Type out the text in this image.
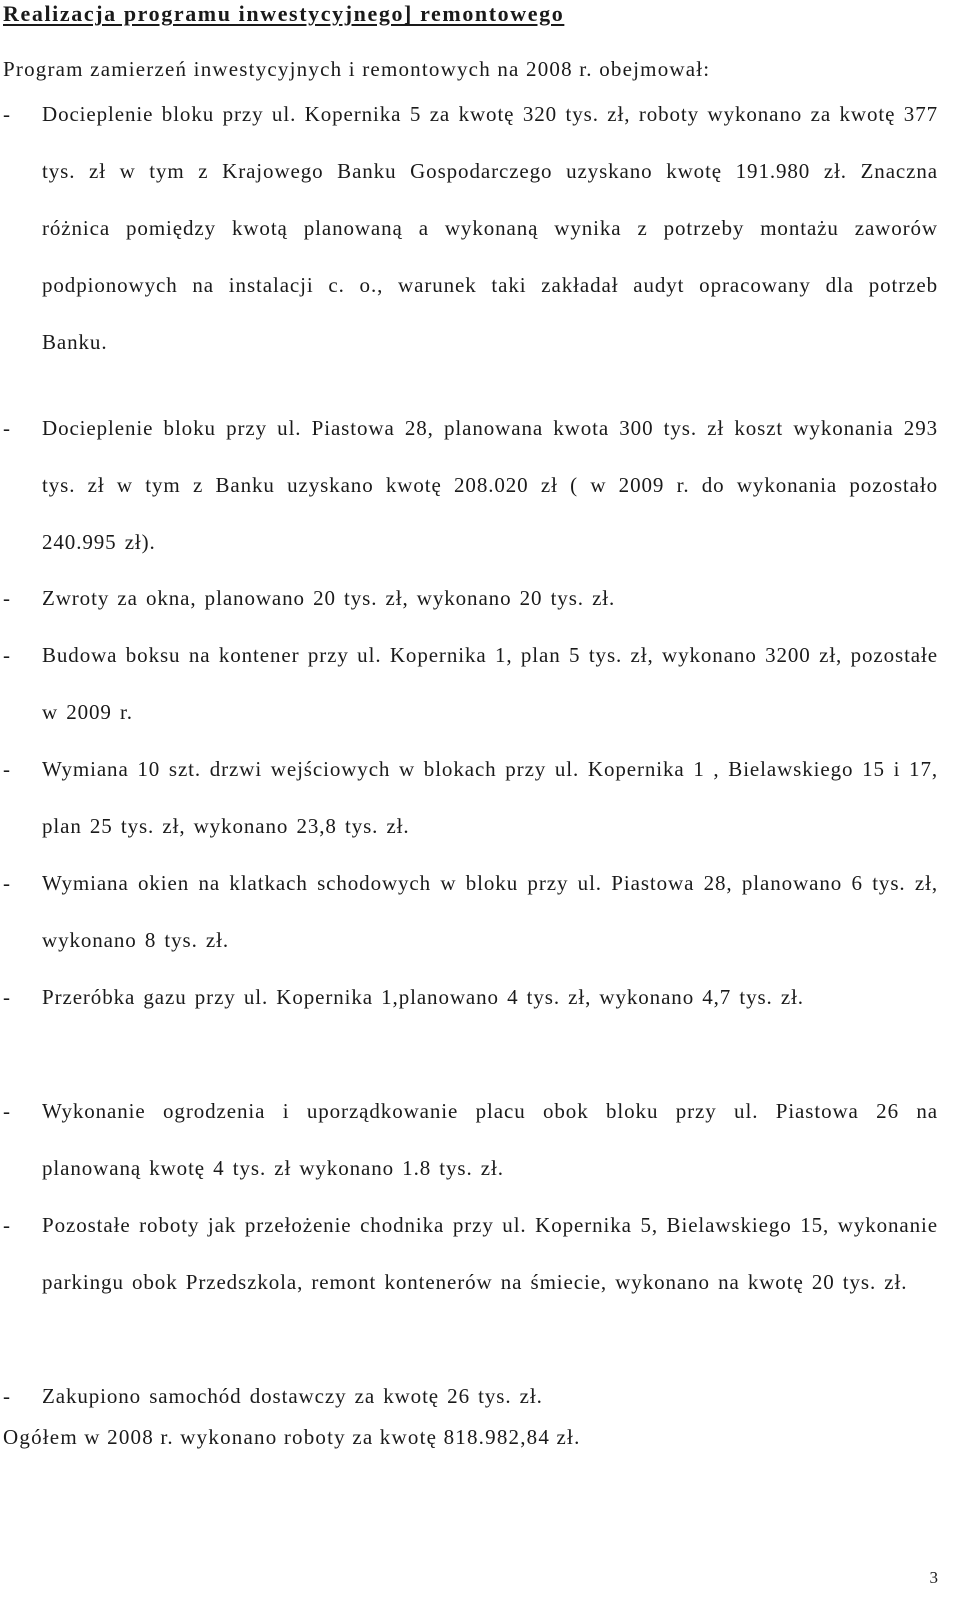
Realizacja programu inwestycyjnego] remontowego
Program zamierzeń inwestycyjnych i remontowych na 2008 r. obejmował:
- Docieplenie bloku przy ul. Kopernika 5 za kwotę 320 tys. zł, roboty wykonano za kwotę 377 tys. zł w tym z Krajowego Banku Gospodarczego uzyskano kwotę 191.980 zł. Znaczna różnica pomiędzy kwotą planowaną a wykonaną wynika z potrzeby montażu zaworów podpionowych na instalacji c. o., warunek taki zakładał audyt opracowany dla potrzeb Banku.
- Docieplenie bloku przy ul. Piastowa 28, planowana kwota 300 tys. zł koszt wykonania 293 tys. zł w tym z Banku uzyskano kwotę 208.020 zł ( w 2009 r. do wykonania pozostało 240.995 zł).
- Zwroty za okna, planowano 20 tys. zł, wykonano 20 tys. zł.
- Budowa boksu na kontener przy ul. Kopernika 1, plan 5 tys. zł, wykonano 3200 zł, pozostałe w 2009 r.
- Wymiana 10 szt. drzwi wejściowych w blokach przy ul. Kopernika 1 , Bielawskiego 15 i 17, plan 25 tys. zł, wykonano 23,8 tys. zł.
- Wymiana okien na klatkach schodowych w bloku przy ul. Piastowa 28, planowano 6 tys. zł, wykonano 8 tys. zł.
- Przeróbka gazu przy ul. Kopernika 1,planowano 4 tys. zł, wykonano 4,7 tys. zł.
- Wykonanie ogrodzenia i uporządkowanie placu obok bloku przy ul. Piastowa 26 na planowaną kwotę 4 tys. zł wykonano 1.8 tys. zł.
- Pozostałe roboty jak przełożenie chodnika przy ul. Kopernika 5, Bielawskiego 15, wykonanie parkingu obok Przedszkola, remont kontenerów na śmiecie, wykonano na kwotę 20 tys. zł.
- Zakupiono samochód dostawczy za kwotę 26 tys. zł.
Ogółem w 2008 r. wykonano roboty za kwotę 818.982,84 zł.
3
